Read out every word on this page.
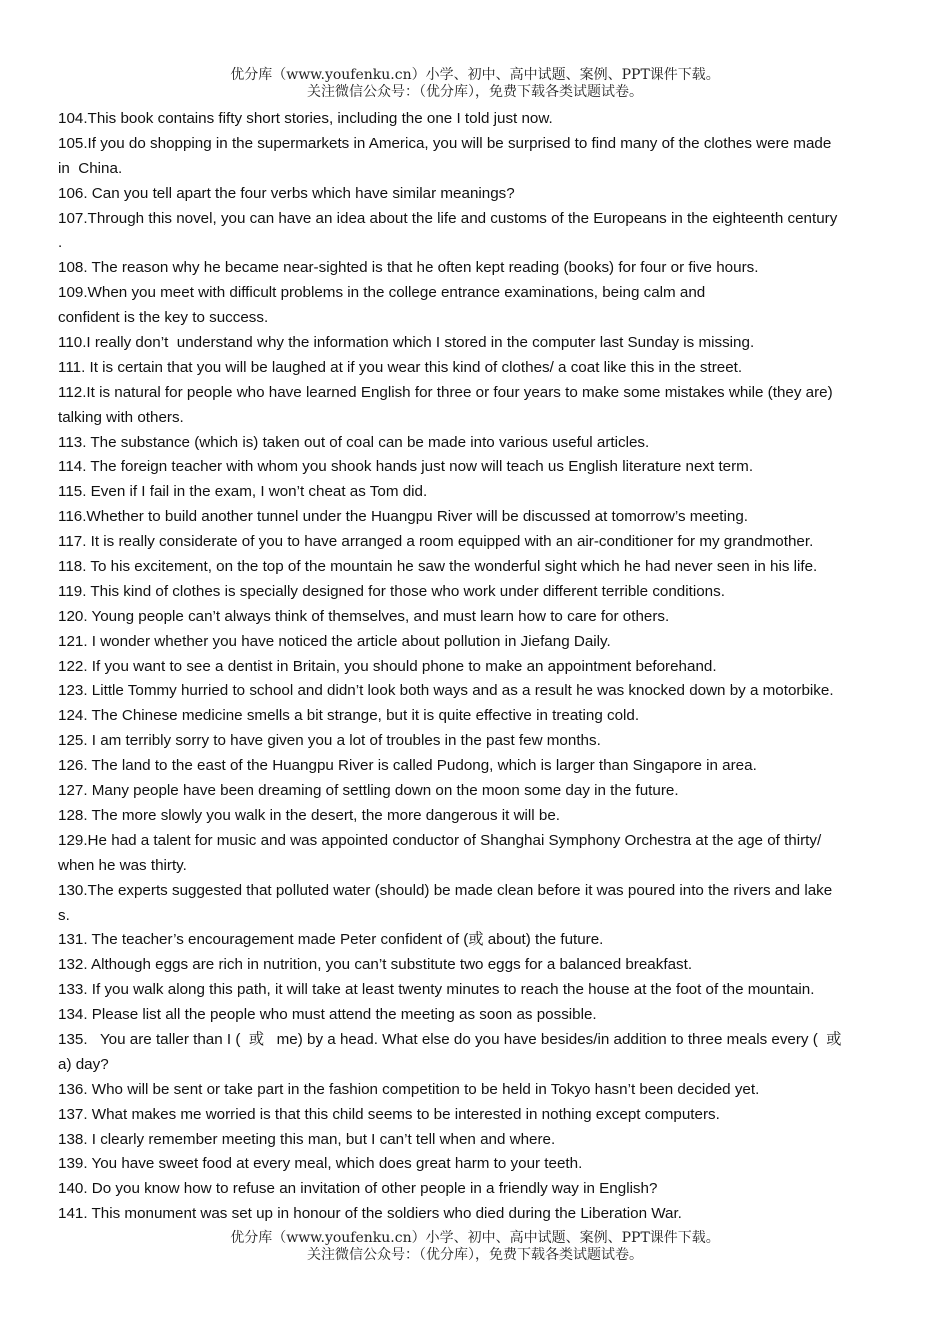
优分库（www.youfenku.cn）小学、初中、高中试题、案例、PPT课件下载。
关注微信公众号：（优分库），免费下载各类试题试卷。
104.This book contains fifty short stories, including the one I told just now.
105.If you do shopping in the supermarkets in America, you will be surprised to find many of the clothes were made
in  China.
106. Can you tell apart the four verbs which have similar meanings?
107.Through this novel, you can have an idea about the life and customs of the Europeans in the eighteenth century
.
108. The reason why he became near-sighted is that he often kept reading (books) for four or five hours.
109.When you meet with difficult problems in the college entrance examinations, being calm and
confident is the key to success.
110.I really don’t  understand why the information which I stored in the computer last Sunday is missing.
111. It is certain that you will be laughed at if you wear this kind of clothes/ a coat like this in the street.
112.It is natural for people who have learned English for three or four years to make some mistakes while (they are)
talking with others.
113. The substance (which is) taken out of coal can be made into various useful articles.
114. The foreign teacher with whom you shook hands just now will teach us English literature next term.
115. Even if I fail in the exam, I won’t cheat as Tom did.
116.Whether to build another tunnel under the Huangpu River will be discussed at tomorrow’s meeting.
117. It is really considerate of you to have arranged a room equipped with an air-conditioner for my grandmother.
118. To his excitement, on the top of the mountain he saw the wonderful sight which he had never seen in his life.
119. This kind of clothes is specially designed for those who work under different terrible conditions.
120. Young people can’t always think of themselves, and must learn how to care for others.
121. I wonder whether you have noticed the article about pollution in Jiefang Daily.
122. If you want to see a dentist in Britain, you should phone to make an appointment beforehand.
123. Little Tommy hurried to school and didn’t look both ways and as a result he was knocked down by a motorbike.
124. The Chinese medicine smells a bit strange, but it is quite effective in treating cold.
125. I am terribly sorry to have given you a lot of troubles in the past few months.
126. The land to the east of the Huangpu River is called Pudong, which is larger than Singapore in area.
127. Many people have been dreaming of settling down on the moon some day in the future.
128. The more slowly you walk in the desert, the more dangerous it will be.
129.He had a talent for music and was appointed conductor of Shanghai Symphony Orchestra at the age of thirty/
when he was thirty.
130.The experts suggested that polluted water (should) be made clean before it was poured into the rivers and lake
s.
131. The teacher’s encouragement made Peter confident of (或 about) the future.
132. Although eggs are rich in nutrition, you can’t substitute two eggs for a balanced breakfast.
133. If you walk along this path, it will take at least twenty minutes to reach the house at the foot of the mountain.
134. Please list all the people who must attend the meeting as soon as possible.
135.   You are taller than I (  或   me) by a head. What else do you have besides/in addition to three meals every (  或
a) day?
136. Who will be sent or take part in the fashion competition to be held in Tokyo hasn’t been decided yet.
137. What makes me worried is that this child seems to be interested in nothing except computers.
138. I clearly remember meeting this man, but I can’t tell when and where.
139. You have sweet food at every meal, which does great harm to your teeth.
140. Do you know how to refuse an invitation of other people in a friendly way in English?
141. This monument was set up in honour of the soldiers who died during the Liberation War.
优分库（www.youfenku.cn）小学、初中、高中试题、案例、PPT课件下载。
关注微信公众号：（优分库），免费下载各类试题试卷。
